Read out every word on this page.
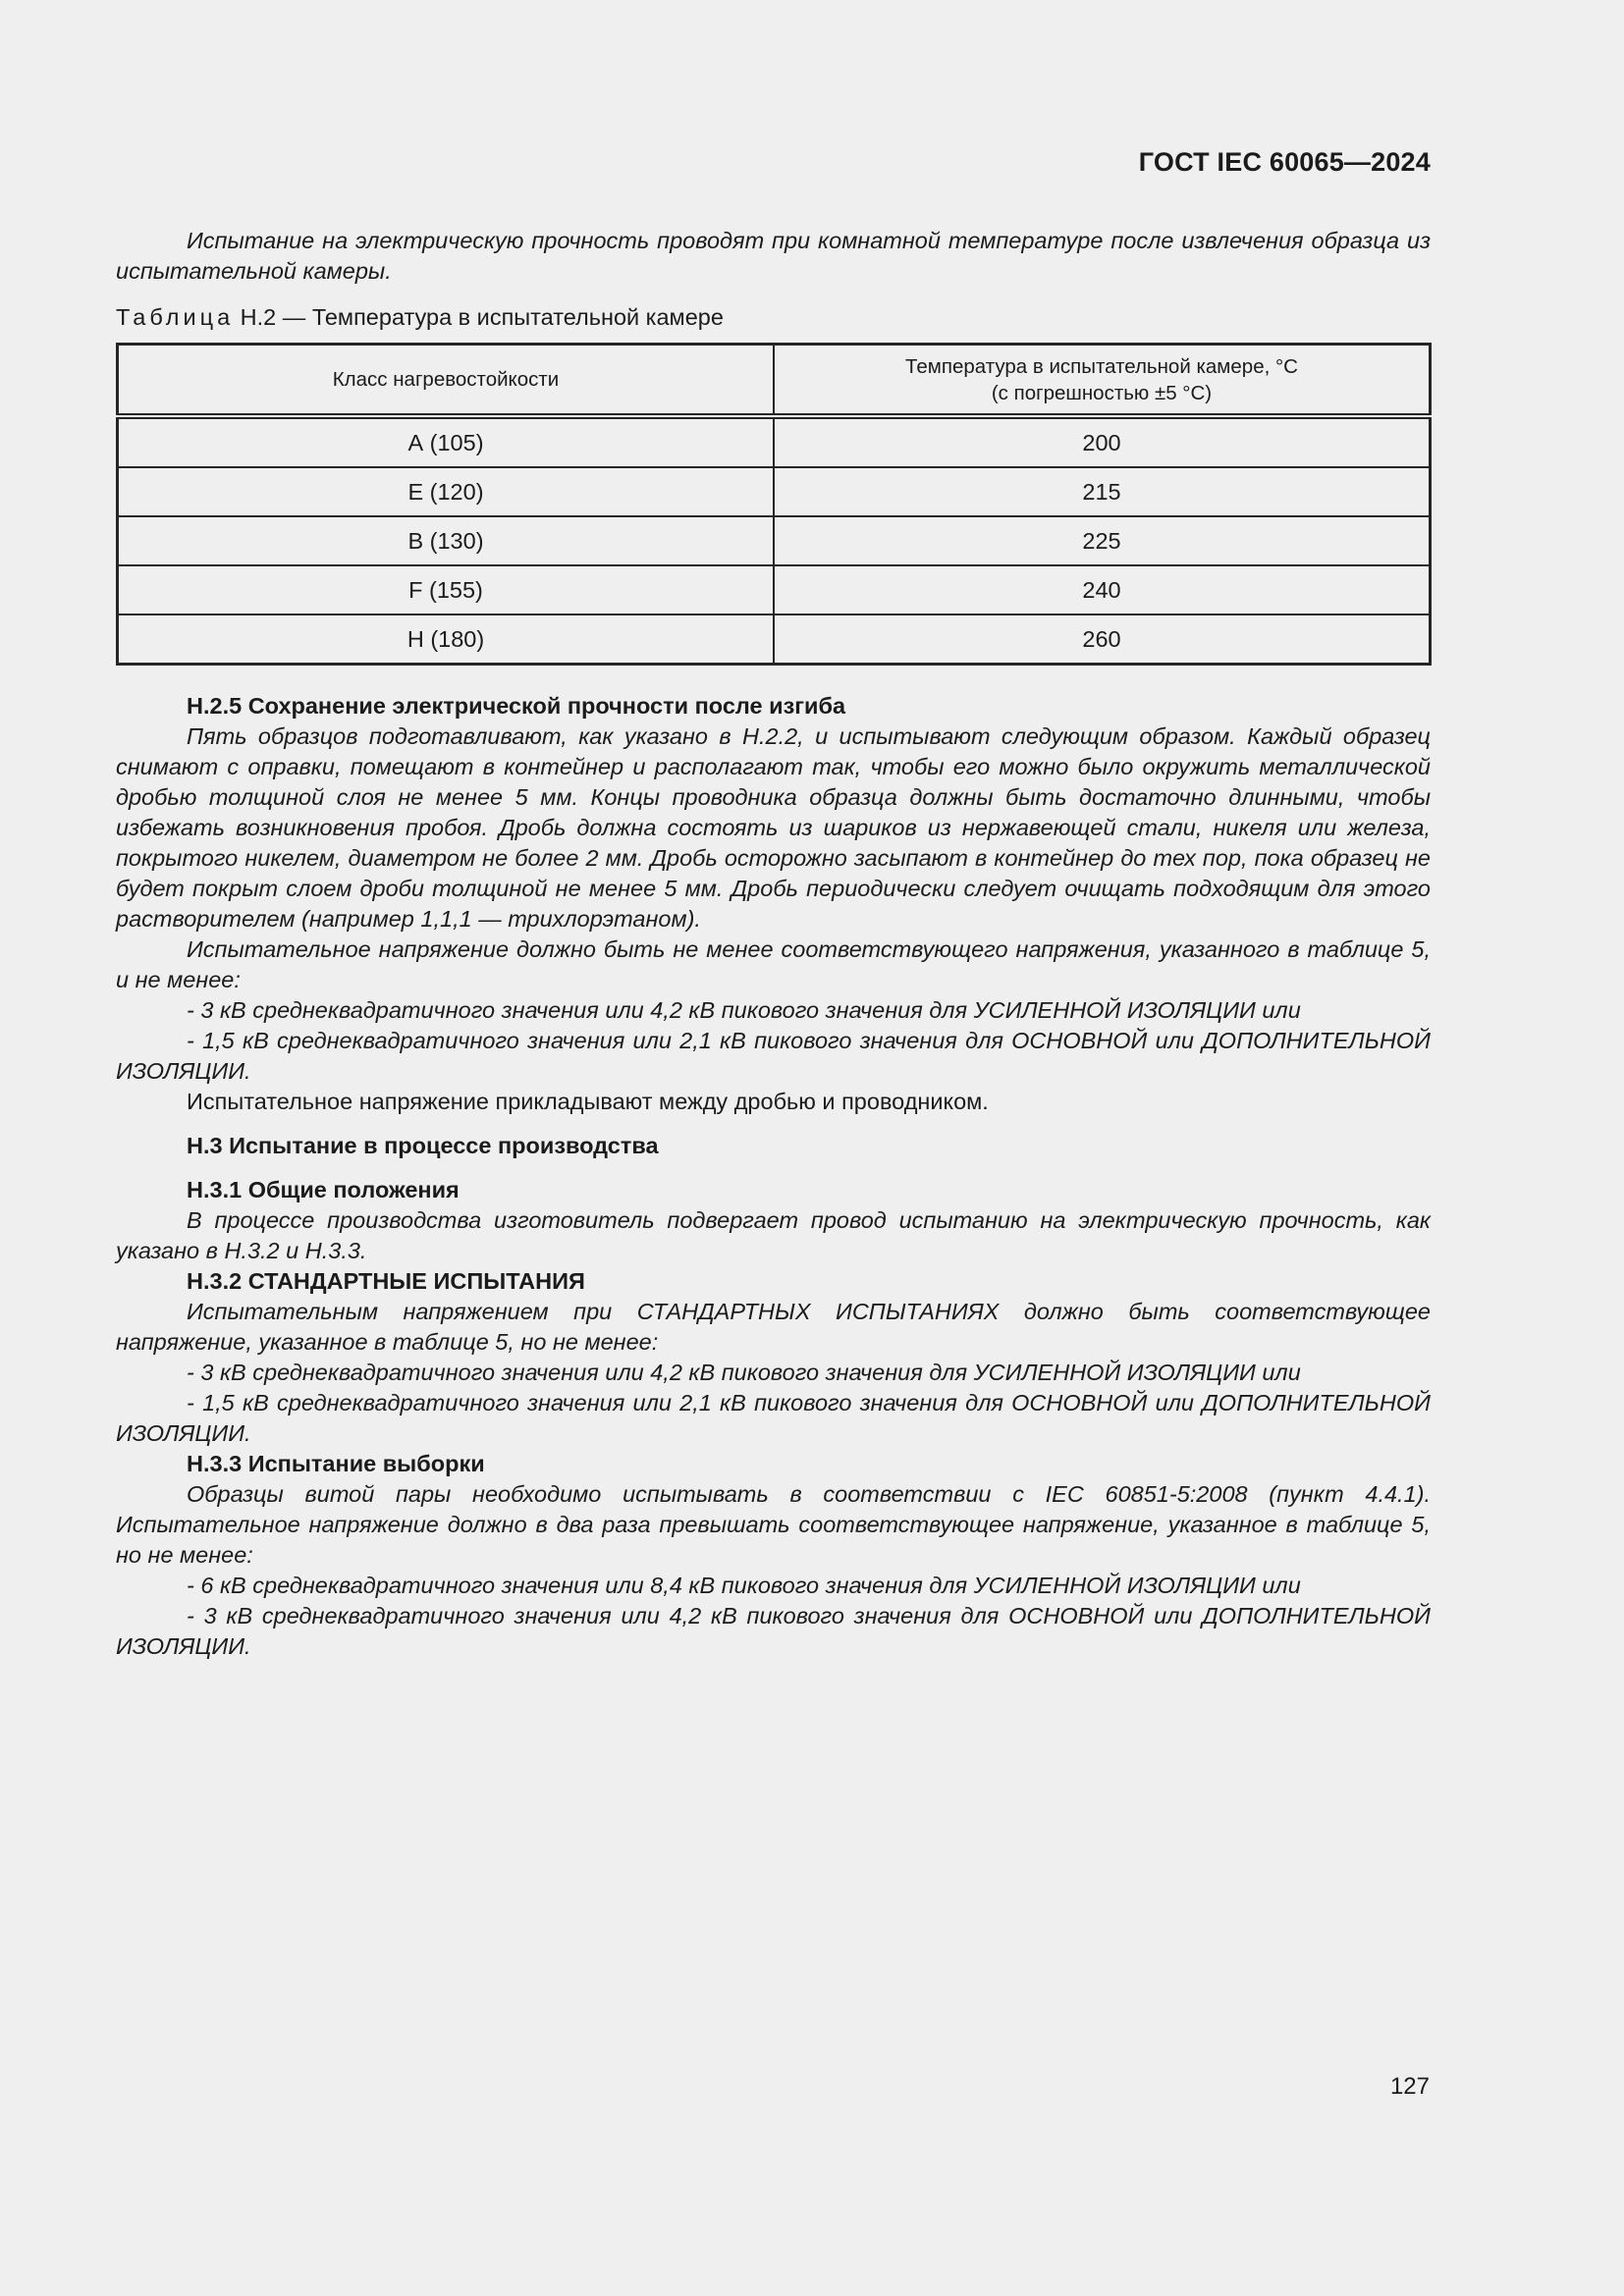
ГОСТ IEC 60065—2024

Испытание на электрическую прочность проводят при комнатной температуре после извлечения образца из испытательной камеры.

Таблица Н.2 — Температура в испытательной камере

Класс нагревостойкости	Температура в испытательной камере, °С
(с погрешностью ±5 °С)
А (105)	200
Е (120)	215
В (130)	225
F (155)	240
Н (180)	260

Н.2.5 Сохранение электрической прочности после изгиба

Пять образцов подготавливают, как указано в Н.2.2, и испытывают следующим образом. Каждый образец снимают с оправки, помещают в контейнер и располагают так, чтобы его можно было окружить металлической дробью толщиной слоя не менее 5 мм. Концы проводника образца должны быть достаточно длинными, чтобы избежать возникновения пробоя. Дробь должна состоять из шариков из нержавеющей стали, никеля или железа, покрытого никелем, диаметром не более 2 мм. Дробь осторожно засыпают в контейнер до тех пор, пока образец не будет покрыт слоем дроби толщиной не менее 5 мм. Дробь периодически следует очищать подходящим для этого растворителем (например 1,1,1 — трихлорэтаном).

Испытательное напряжение должно быть не менее соответствующего напряжения, указанного в таблице 5, и не менее:

- 3 кВ среднеквадратичного значения или 4,2 кВ пикового значения для УСИЛЕННОЙ ИЗОЛЯЦИИ или

- 1,5 кВ среднеквадратичного значения или 2,1 кВ пикового значения для ОСНОВНОЙ или ДОПОЛНИТЕЛЬНОЙ ИЗОЛЯЦИИ.

Испытательное напряжение прикладывают между дробью и проводником.

Н.3 Испытание в процессе производства

Н.3.1 Общие положения

В процессе производства изготовитель подвергает провод испытанию на электрическую прочность, как указано в Н.3.2 и Н.3.3.

Н.3.2 СТАНДАРТНЫЕ ИСПЫТАНИЯ

Испытательным напряжением при СТАНДАРТНЫХ ИСПЫТАНИЯХ должно быть соответствующее напряжение, указанное в таблице 5, но не менее:

- 3 кВ среднеквадратичного значения или 4,2 кВ пикового значения для УСИЛЕННОЙ ИЗОЛЯЦИИ или

- 1,5 кВ среднеквадратичного значения или 2,1 кВ пикового значения для ОСНОВНОЙ или ДОПОЛНИТЕЛЬНОЙ ИЗОЛЯЦИИ.

Н.3.3 Испытание выборки

Образцы витой пары необходимо испытывать в соответствии с IEC 60851-5:2008 (пункт 4.4.1). Испытательное напряжение должно в два раза превышать соответствующее напряжение, указанное в таблице 5, но не менее:

- 6 кВ среднеквадратичного значения или 8,4 кВ пикового значения для УСИЛЕННОЙ ИЗОЛЯЦИИ или

- 3 кВ среднеквадратичного значения или 4,2 кВ пикового значения для ОСНОВНОЙ или ДОПОЛНИТЕЛЬНОЙ ИЗОЛЯЦИИ.

127
